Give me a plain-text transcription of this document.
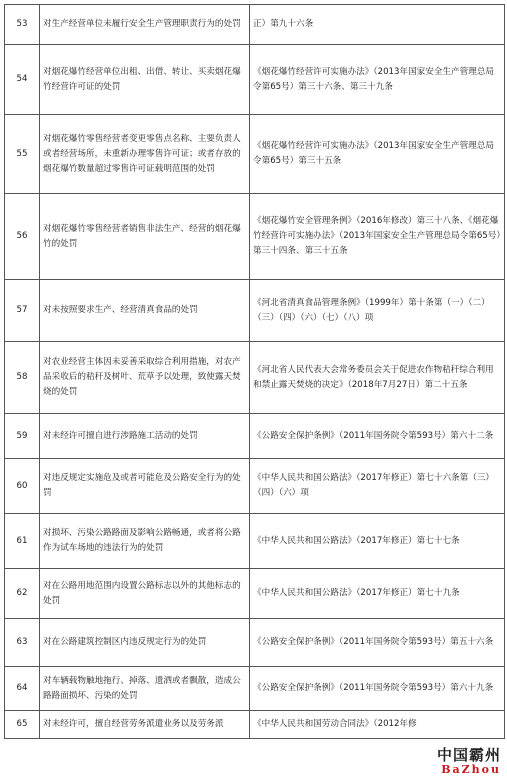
53	对生产经营单位未履行安全生产管理职责行为的处罚	正）第九十六条
54	对烟花爆竹经营单位出租、出借、转让、买卖烟花爆竹经营许可证的处罚	《烟花爆竹经营许可实施办法》（2013年国家安全生产管理总局令第65号）第三十六条、第三十九条
55	对烟花爆竹零售经营者变更零售点名称、主要负责人或者经营场所，未重新办理零售许可证；或者存放的烟花爆竹数量超过零售许可证载明范围的处罚	《烟花爆竹经营许可实施办法》（2013年国家安全生产管理总局令第65号）第三十五条
56	对烟花爆竹零售经营者销售非法生产、经营的烟花爆竹的处罚	《烟花爆竹安全管理条例》（2016年修改）第三十八条、《烟花爆竹经营许可实施办法》（2013年国家安全生产管理总局令第65号）第三十四条、第三十五条
57	对未按照要求生产、经营清真食品的处罚	《河北省清真食品管理条例》（1999年）第十条第（一）（二）（三）（四）（六）（七）（八）项
58	对农业经营主体因未妥善采取综合利用措施，对农产品采收后的秸秆及树叶、荒草予以处理，致使露天焚烧的处罚	《河北省人民代表大会常务委员会关于促进农作物秸秆综合利用和禁止露天焚烧的决定》（2018年7月27日）第二十五条
59	对未经许可擅自进行涉路施工活动的处罚	《公路安全保护条例》（2011年国务院令第593号）第六十二条
60	对违反规定实施危及或者可能危及公路安全行为的处罚	《中华人民共和国公路法》（2017年修正）第七十六条第（三）（四）（六）项
61	对损坏、污染公路路面及影响公路畅通，或者将公路作为试车场地的违法行为的处罚	《中华人民共和国公路法》（2017年修正）第七十七条
62	对在公路用地范围内设置公路标志以外的其他标志的处罚	《中华人民共和国公路法》（2017年修正）第七十九条
63	对在公路建筑控制区内违反规定行为的处罚	《公路安全保护条例》（2011年国务院令第593号）第五十六条
64	对车辆载物触地拖行、掉落、遗洒或者飘散，造成公路路面损坏、污染的处罚	《公路安全保护条例》（2011年国务院令第593号）第六十九条
65	对未经许可，擅自经营劳务派遣业务以及劳务派	《中华人民共和国劳动合同法》（2012年修
中国霸州
BaZhou
